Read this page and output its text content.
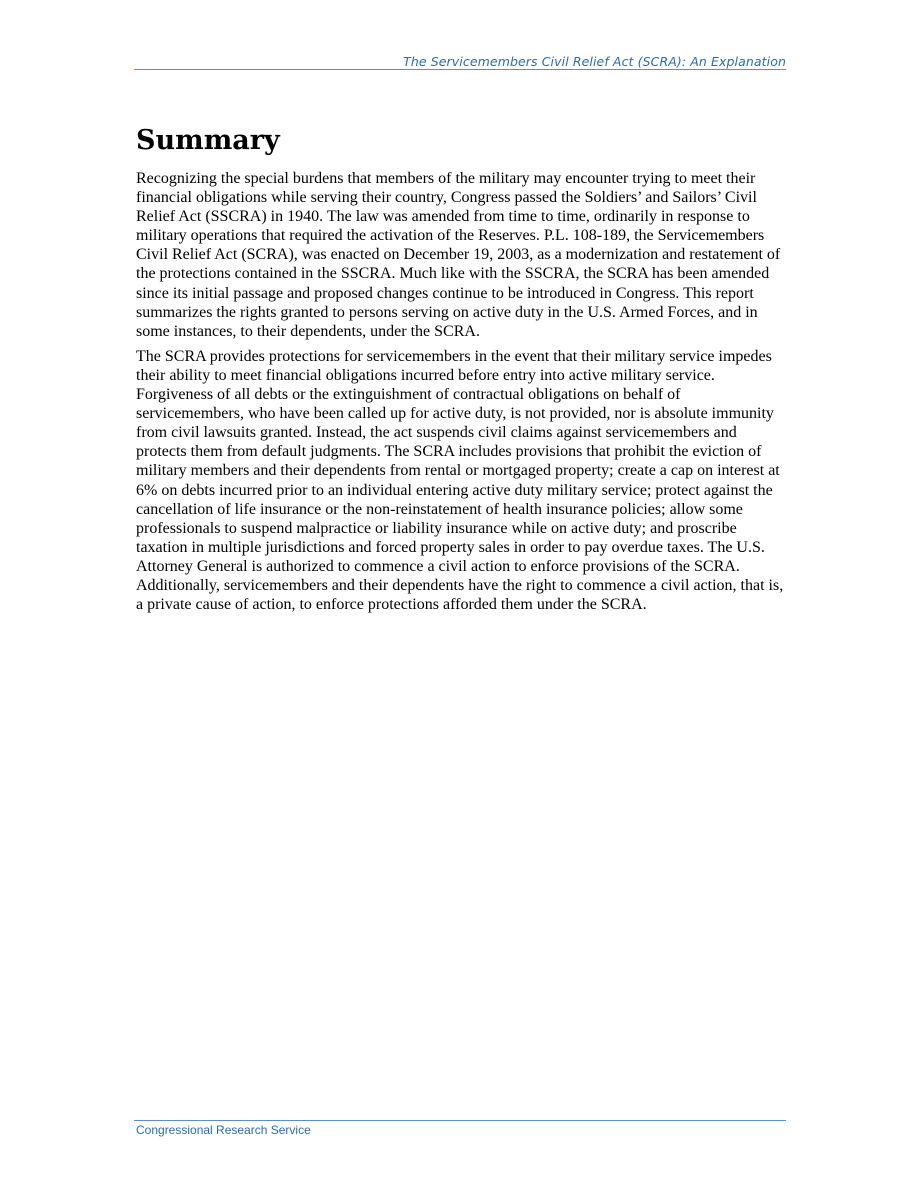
The Servicemembers Civil Relief Act (SCRA): An Explanation
Summary

Recognizing the special burdens that members of the military may encounter trying to meet their financial obligations while serving their country, Congress passed the Soldiers’ and Sailors’ Civil Relief Act (SSCRA) in 1940. The law was amended from time to time, ordinarily in response to military operations that required the activation of the Reserves. P.L. 108-189, the Servicemembers Civil Relief Act (SCRA), was enacted on December 19, 2003, as a modernization and restatement of the protections contained in the SSCRA. Much like with the SSCRA, the SCRA has been amended since its initial passage and proposed changes continue to be introduced in Congress. This report summarizes the rights granted to persons serving on active duty in the U.S. Armed Forces, and in some instances, to their dependents, under the SCRA.

The SCRA provides protections for servicemembers in the event that their military service impedes their ability to meet financial obligations incurred before entry into active military service. Forgiveness of all debts or the extinguishment of contractual obligations on behalf of servicemembers, who have been called up for active duty, is not provided, nor is absolute immunity from civil lawsuits granted. Instead, the act suspends civil claims against servicemembers and protects them from default judgments. The SCRA includes provisions that prohibit the eviction of military members and their dependents from rental or mortgaged property; create a cap on interest at 6% on debts incurred prior to an individual entering active duty military service; protect against the cancellation of life insurance or the non-reinstatement of health insurance policies; allow some professionals to suspend malpractice or liability insurance while on active duty; and proscribe taxation in multiple jurisdictions and forced property sales in order to pay overdue taxes. The U.S. Attorney General is authorized to commence a civil action to enforce provisions of the SCRA. Additionally, servicemembers and their dependents have the right to commence a civil action, that is, a private cause of action, to enforce protections afforded them under the SCRA.

Congressional Research Service
